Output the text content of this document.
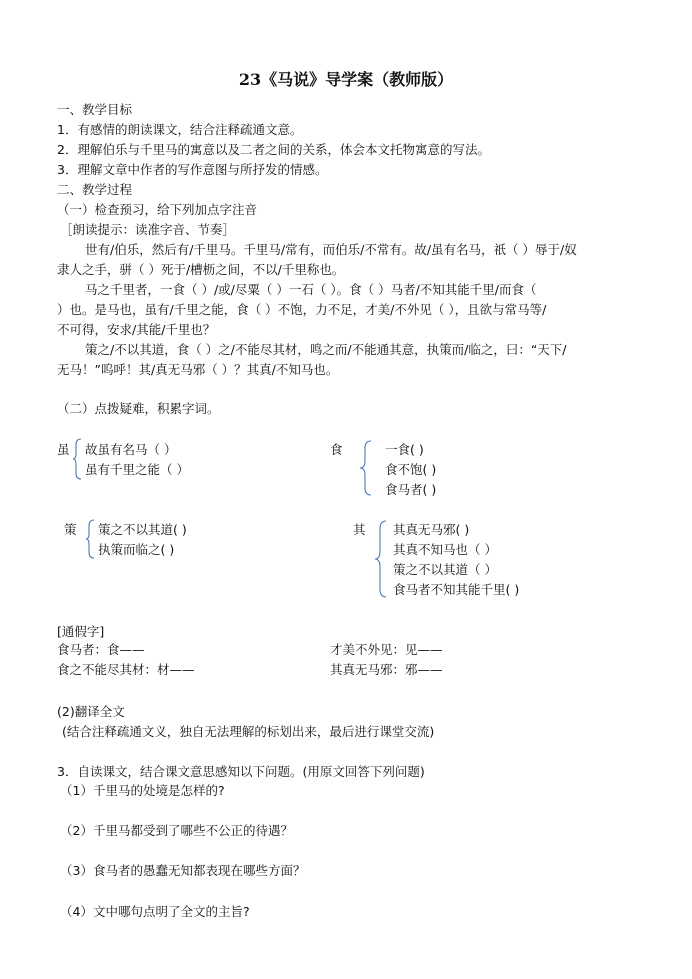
23《马说》导学案（教师版）
一、教学目标
1．有感情的朗读课文，结合注释疏通文意。
2．理解伯乐与千里马的寓意以及二者之间的关系，体会本文托物寓意的写法。
3．理解文章中作者的写作意图与所抒发的情感。
二、教学过程
（一）检查预习，给下列加点字注音
［朗读提示：读准字音、节奏］
世有/伯乐，然后有/千里马。千里马/常有，而伯乐/不常有。故/虽有名马，祇（ ）辱于/奴
隶人之手，骈（ ）死于/槽枥之间，不以/千里称也。
马之千里者，一食（ ）/或/尽粟（ ）一石（ ）。食（ ）马者/不知其能千里/而食（
）也。是马也，虽有/千里之能，食（ ）不饱，力不足，才美/不外见（ ），且欲与常马等/
不可得，安求/其能/千里也？
策之/不以其道，食（ ）之/不能尽其材，鸣之而/不能通其意，执策而/临之，曰：“天下/
无马！”呜呼！其/真无马邪（ ）？其真/不知马也。
（二）点拨疑难，积累字词。
虽 故虽有名马（ ）
虽有千里之能（ ）
食	一食( )
食不饱( )
食马者( )
策 策之不以其道( )
执策而临之( )
其 其真无马邪( )
其真不知马也（ ）
策之不以其道（ ）
食马者不知其能千里( )
[通假字]
食马者：食——	才美不外见：见——
食之不能尽其材：材——	其真无马邪：邪——
(2)翻译全文
(结合注释疏通文义，独自无法理解的标划出来，最后进行课堂交流)
3．自读课文，结合课文意思感知以下问题。(用原文回答下列问题)
（1）千里马的处境是怎样的?
（2）千里马都受到了哪些不公正的待遇？
（3）食马者的愚蠢无知都表现在哪些方面？
（4）文中哪句点明了全文的主旨?
